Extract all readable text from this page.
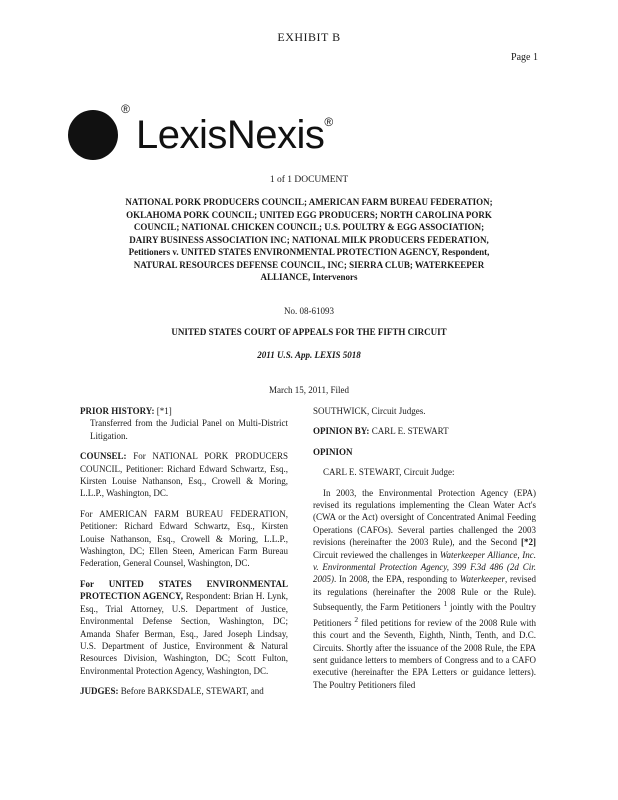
EXHIBIT B
Page 1
®
LexisNexis®
1 of 1 DOCUMENT
NATIONAL PORK PRODUCERS COUNCIL; AMERICAN FARM BUREAU FEDERATION; OKLAHOMA PORK COUNCIL; UNITED EGG PRODUCERS; NORTH CAROLINA PORK COUNCIL; NATIONAL CHICKEN COUNCIL; U.S. POULTRY & EGG ASSOCIATION; DAIRY BUSINESS ASSOCIATION INC; NATIONAL MILK PRODUCERS FEDERATION, Petitioners v. UNITED STATES ENVIRONMENTAL PROTECTION AGENCY, Respondent, NATURAL RESOURCES DEFENSE COUNCIL, INC; SIERRA CLUB; WATERKEEPER ALLIANCE, Intervenors
No. 08-61093
UNITED STATES COURT OF APPEALS FOR THE FIFTH CIRCUIT
2011 U.S. App. LEXIS 5018
March 15, 2011, Filed

PRIOR HISTORY: [*1]
Transferred from the Judicial Panel on Multi-District Litigation.

COUNSEL: For NATIONAL PORK PRODUCERS COUNCIL, Petitioner: Richard Edward Schwartz, Esq., Kirsten Louise Nathanson, Esq., Crowell & Moring, L.L.P., Washington, DC.

For AMERICAN FARM BUREAU FEDERATION, Petitioner: Richard Edward Schwartz, Esq., Kirsten Louise Nathanson, Esq., Crowell & Moring, L.L.P., Washington, DC; Ellen Steen, American Farm Bureau Federation, General Counsel, Washington, DC.

For UNITED STATES ENVIRONMENTAL PROTECTION AGENCY, Respondent: Brian H. Lynk, Esq., Trial Attorney, U.S. Department of Justice, Environmental Defense Section, Washington, DC; Amanda Shafer Berman, Esq., Jared Joseph Lindsay, U.S. Department of Justice, Environment & Natural Resources Division, Washington, DC; Scott Fulton, Environmental Protection Agency, Washington, DC.

JUDGES: Before BARKSDALE, STEWART, and

SOUTHWICK, Circuit Judges.

OPINION BY: CARL E. STEWART

OPINION

CARL E. STEWART, Circuit Judge:

In 2003, the Environmental Protection Agency (EPA) revised its regulations implementing the Clean Water Act's (CWA or the Act) oversight of Concentrated Animal Feeding Operations (CAFOs). Several parties challenged the 2003 revisions (hereinafter the 2003 Rule), and the Second [*2] Circuit reviewed the challenges in Waterkeeper Alliance, Inc. v. Environmental Protection Agency, 399 F.3d 486 (2d Cir. 2005). In 2008, the EPA, responding to Waterkeeper, revised its regulations (hereinafter the 2008 Rule or the Rule). Subsequently, the Farm Petitioners $^1$ jointly with the Poultry Petitioners $^2$ filed petitions for review of the 2008 Rule with this court and the Seventh, Eighth, Ninth, Tenth, and D.C. Circuits. Shortly after the issuance of the 2008 Rule, the EPA sent guidance letters to members of Congress and to a CAFO executive (hereinafter the EPA Letters or guidance letters). The Poultry Petitioners filed
